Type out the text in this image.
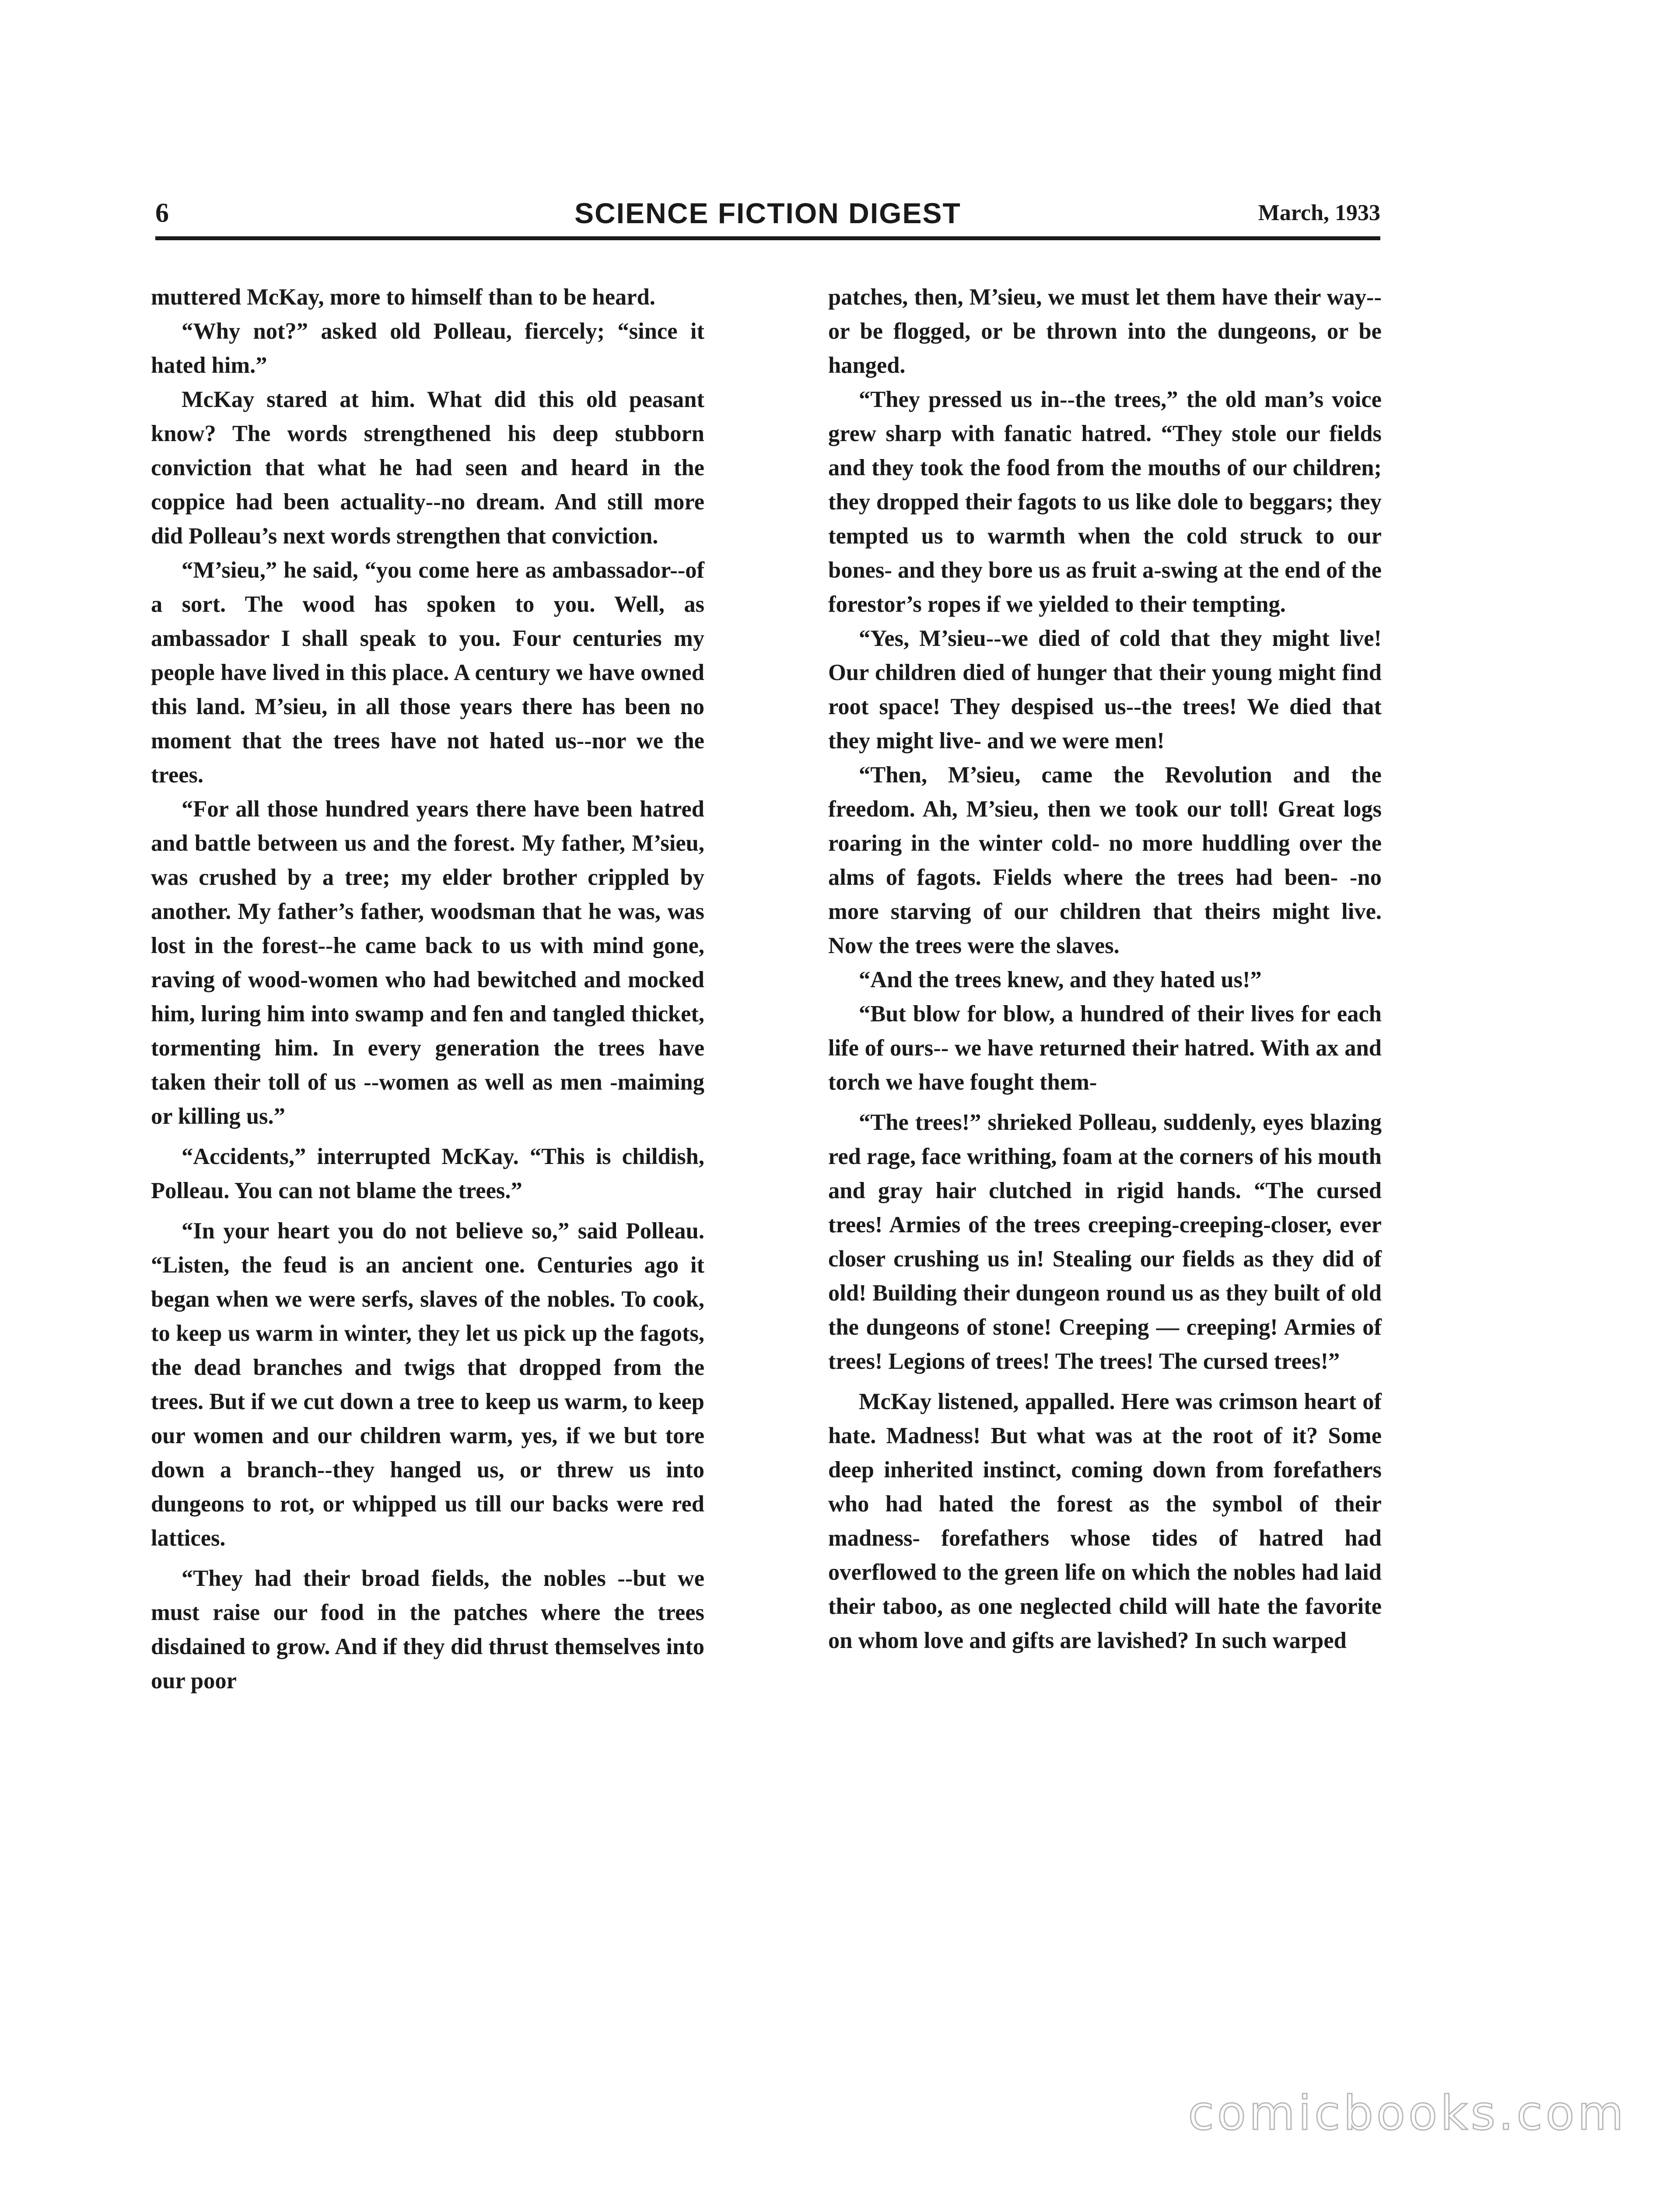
6	SCIENCE FICTION DIGEST	March, 1933

muttered McKay, more to himself than to be heard.

“Why not?” asked old Polleau, fiercely; “since it hated him.”

McKay stared at him. What did this old peasant know? The words strengthened his deep stubborn conviction that what he had seen and heard in the coppice had been actuality--no dream. And still more did Polleau’s next words strengthen that conviction.

“M’sieu,” he said, “you come here as ambassador--of a sort. The wood has spoken to you. Well, as ambassador I shall speak to you. Four centuries my people have lived in this place. A century we have owned this land. M’sieu, in all those years there has been no moment that the trees have not hated us--nor we the trees.

“For all those hundred years there have been hatred and battle between us and the forest. My father, M’sieu, was crushed by a tree; my elder brother crippled by another. My father’s father, woodsman that he was, was lost in the forest--he came back to us with mind gone, raving of wood-women who had bewitched and mocked him, luring him into swamp and fen and tangled thicket, tormenting him. In every generation the trees have taken their toll of us --women as well as men -maiming or killing us.”

“Accidents,” interrupted McKay. “This is childish, Polleau. You can not blame the trees.”

“In your heart you do not believe so,” said Polleau. “Listen, the feud is an ancient one. Centuries ago it began when we were serfs, slaves of the nobles. To cook, to keep us warm in winter, they let us pick up the fagots, the dead branches and twigs that dropped from the trees. But if we cut down a tree to keep us warm, to keep our women and our children warm, yes, if we but tore down a branch--they hanged us, or threw us into dungeons to rot, or whipped us till our backs were red lattices.

“They had their broad fields, the nobles --but we must raise our food in the patches where the trees disdained to grow. And if they did thrust themselves into our poor

patches, then, M’sieu, we must let them have their way--or be flogged, or be thrown into the dungeons, or be hanged.

“They pressed us in--the trees,” the old man’s voice grew sharp with fanatic hatred. “They stole our fields and they took the food from the mouths of our children; they dropped their fagots to us like dole to beggars; they tempted us to warmth when the cold struck to our bones- and they bore us as fruit a-swing at the end of the forestor’s ropes if we yielded to their tempting.

“Yes, M’sieu--we died of cold that they might live! Our children died of hunger that their young might find root space! They despised us--the trees! We died that they might live- and we were men!

“Then, M’sieu, came the Revolution and the freedom. Ah, M’sieu, then we took our toll! Great logs roaring in the winter cold- no more huddling over the alms of fagots. Fields where the trees had been- -no more starving of our children that theirs might live. Now the trees were the slaves.

“And the trees knew, and they hated us!”

“But blow for blow, a hundred of their lives for each life of ours-- we have returned their hatred. With ax and torch we have fought them-

“The trees!” shrieked Polleau, suddenly, eyes blazing red rage, face writhing, foam at the corners of his mouth and gray hair clutched in rigid hands. “The cursed trees! Armies of the trees creeping-creeping-closer, ever closer crushing us in! Stealing our fields as they did of old! Building their dungeon round us as they built of old the dungeons of stone! Creeping — creeping! Armies of trees! Legions of trees! The trees! The cursed trees!”

McKay listened, appalled. Here was crimson heart of hate. Madness! But what was at the root of it? Some deep inherited instinct, coming down from forefathers who had hated the forest as the symbol of their madness- forefathers whose tides of hatred had overflowed to the green life on which the nobles had laid their taboo, as one neglected child will hate the favorite on whom love and gifts are lavished? In such warped

comicbooks.com
